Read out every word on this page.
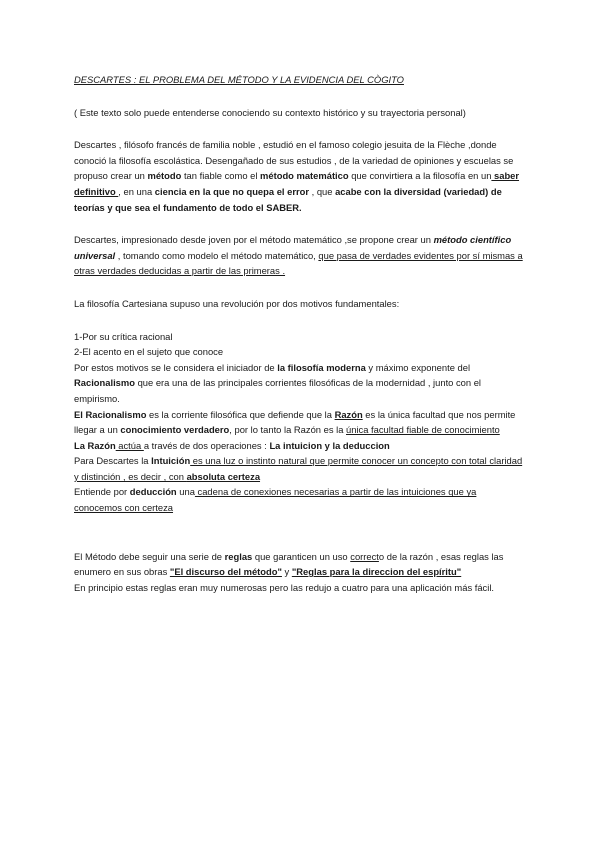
DESCARTES : EL PROBLEMA DEL MÉTODO Y LA EVIDENCIA DEL CÒGITO

( Este texto solo puede entenderse conociendo su contexto histórico y su trayectoria personal)

Descartes , filósofo francés de familia noble , estudió en el famoso colegio jesuita de la Flèche ,donde conoció la filosofía escolástica. Desengañado de sus estudios , de la variedad de opiniones y escuelas se propuso crear un método tan fiable como el método matemático que convirtiera a la filosofía en un saber definitivo , en una ciencia en la que no quepa el error , que acabe con la diversidad (variedad) de teorías y que sea el fundamento de todo el SABER.

Descartes, impresionado desde joven por el método matemático ,se propone crear un método científico universal , tomando como modelo el método matemático, que pasa de verdades evidentes por sí mismas a otras verdades deducidas a partir de las primeras .

La filosofía Cartesiana supuso una revolución por dos motivos fundamentales:

1-Por su crítica racional

2-El acento en el sujeto que conoce

Por estos motivos se le considera el iniciador de la filosofía moderna y máximo exponente del Racionalismo que era una de las principales corrientes filosóficas de la modernidad , junto con el empirismo.

El Racionalismo es la corriente filosófica que defiende que la Razón es la única facultad que nos permite llegar a un conocimiento verdadero, por lo tanto la Razón es la única facultad fiable de conocimiento

La Razón actúa a través de dos operaciones : La intuicion y la deduccion

Para Descartes la Intuición es una luz o instinto natural que permite conocer un concepto con total claridad y distinción , es decir , con absoluta certeza

Entiende por deducción una cadena de conexiones necesarias a partir de las intuiciones que ya conocemos con certeza

El Método debe seguir una serie de reglas que garanticen un uso correcto de la razón , esas reglas las enumero en sus obras "El discurso del método" y "Reglas para la direccion del espíritu"

En principio estas reglas eran muy numerosas pero las redujo a cuatro para una aplicación más fácil.
